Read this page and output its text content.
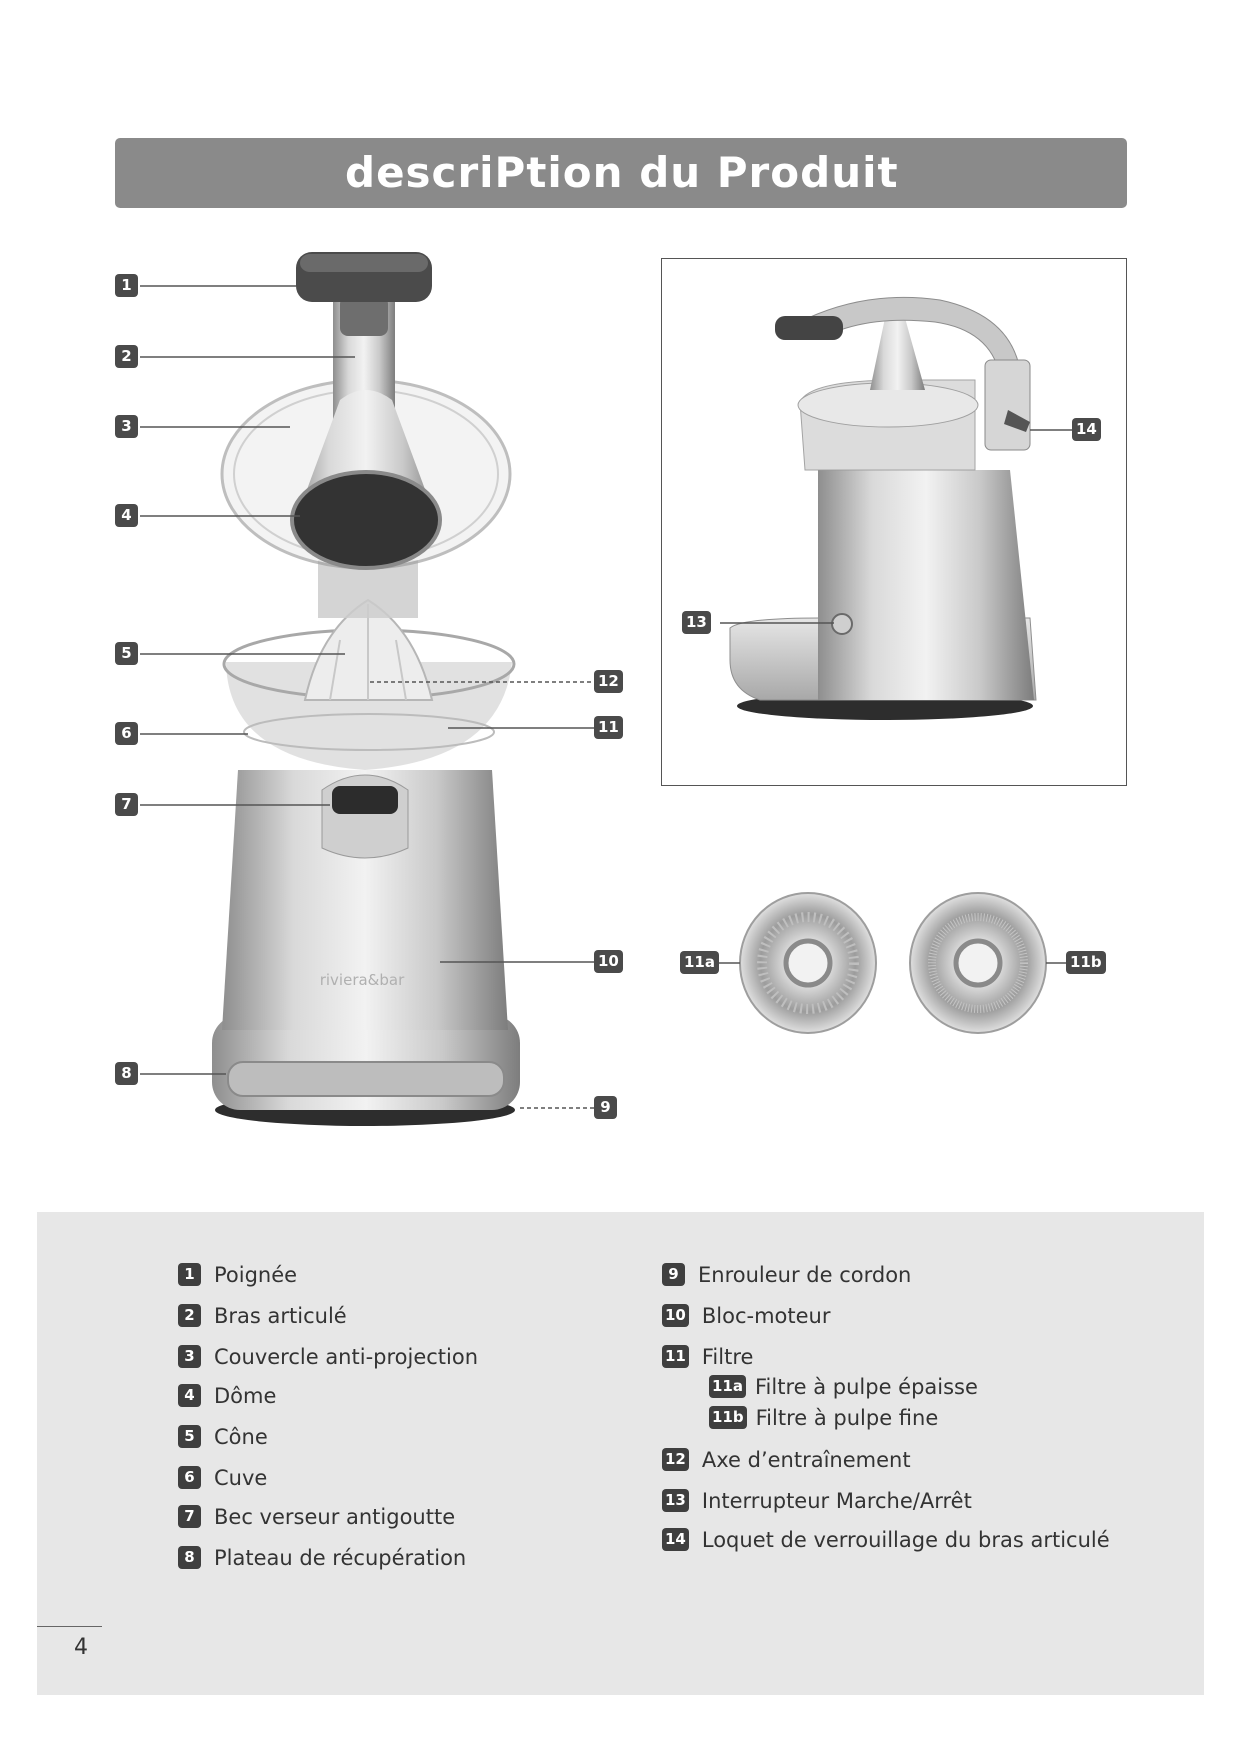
descriPtion du Produit
riviera&bar
1
2
3
4
5
6
7
8
9
10
11
12
13
14
11a	11b
1 Poignée
2 Bras articulé
3 Couvercle anti-projection
4 Dôme
5 Cône
6 Cuve
7 Bec verseur antigoutte
8 Plateau de récupération
9 Enrouleur de cordon
10 Bloc-moteur
11 Filtre
11a Filtre à pulpe épaisse
11b Filtre à pulpe fine
12 Axe d’entraînement
13 Interrupteur Marche/Arrêt
14 Loquet de verrouillage du bras articulé
4
